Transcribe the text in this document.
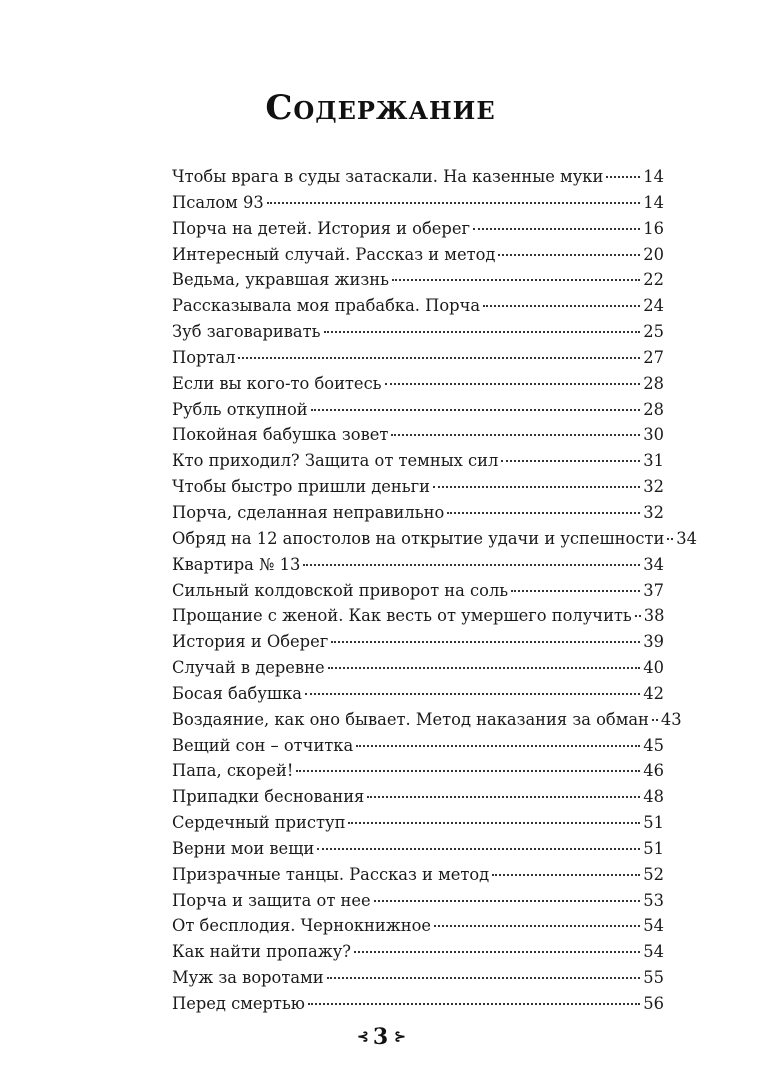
Содержание
Чтобы врага в суды затаскали. На казенные муки 14
Псалом 93	14
Порча на детей. История и оберег	16
Интересный случай. Рассказ и метод	20
Ведьма, укравшая жизнь	22
Рассказывала моя прабабка. Порча	24
Зуб заговаривать	25
Портал	27
Если вы кого-то боитесь	28
Рубль откупной	28
Покойная бабушка зовет	30
Кто приходил? Защита от темных сил	31
Чтобы быстро пришли деньги	32
Порча, сделанная неправильно	32
Обряд на 12 апостолов на открытие удачи и успешности 34
Квартира № 13	34
Сильный колдовской приворот на соль	37
Прощание с женой. Как весть от умершего получить 38
История и Оберег	39
Случай в деревне	40
Босая бабушка	42
Воздаяние, как оно бывает. Метод наказания за обман 43
Вещий сон – отчитка	45
Папа, скорей!	46
Припадки беснования	48
Сердечный приступ	51
Верни мои вещи	51
Призрачные танцы. Рассказ и метод	52
Порча и защита от нее	53
От бесплодия. Чернокнижное	54
Как найти пропажу?	54
Муж за воротами	55
Перед смертью	56
⊰ 3 ⊱
